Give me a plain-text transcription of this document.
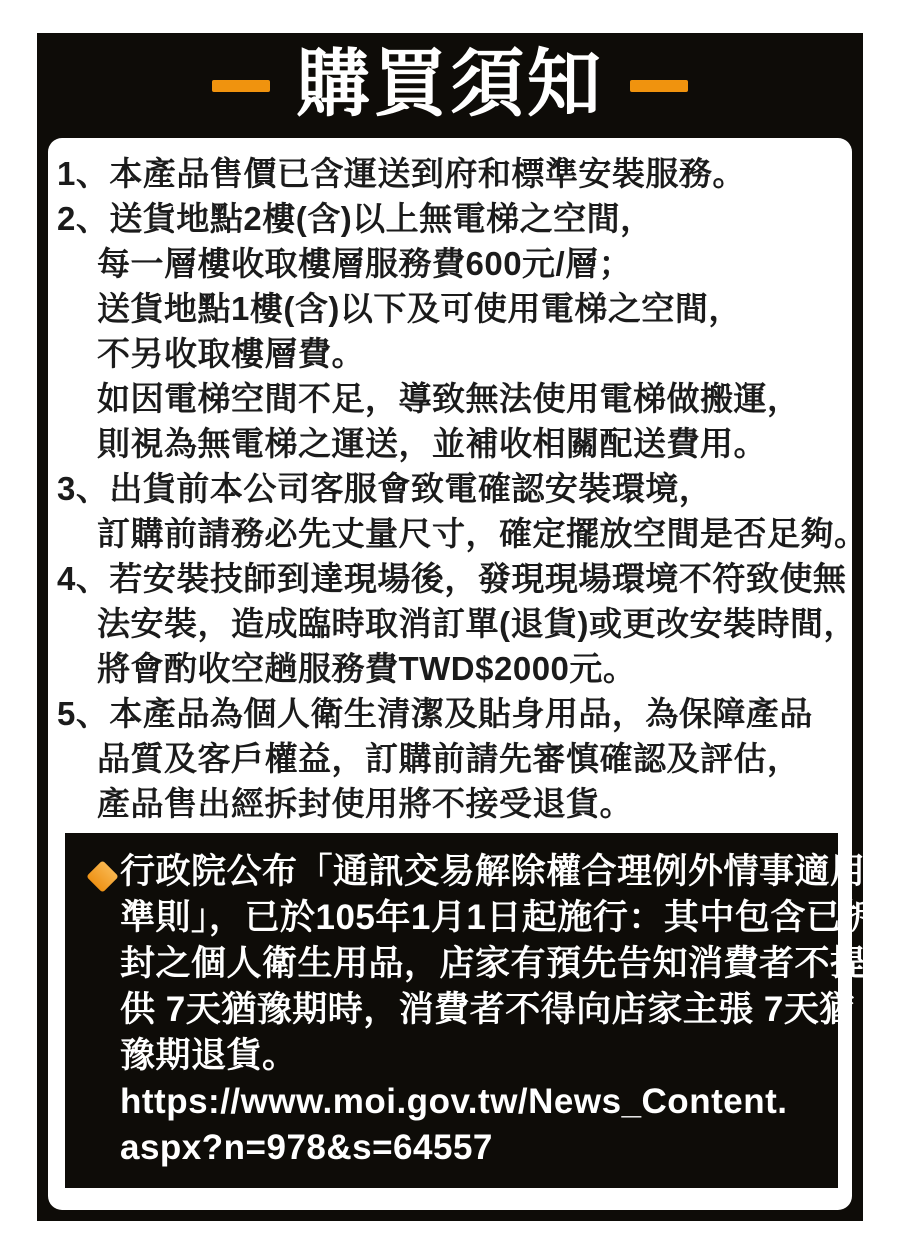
購買須知
1、本產品售價已含運送到府和標準安裝服務。
2、送貨地點2樓(含)以上無電梯之空間，
每一層樓收取樓層服務費600元/層；
送貨地點1樓(含)以下及可使用電梯之空間，
不另收取樓層費。
如因電梯空間不足，導致無法使用電梯做搬運，
則視為無電梯之運送，並補收相關配送費用。
3、出貨前本公司客服會致電確認安裝環境，
訂購前請務必先丈量尺寸，確定擺放空間是否足夠。
4、若安裝技師到達現場後，發現現場環境不符致使無
法安裝，造成臨時取消訂單(退貨)或更改安裝時間，
將會酌收空趟服務費TWD$2000元。
5、本產品為個人衛生清潔及貼身用品，為保障產品
品質及客戶權益，訂購前請先審慎確認及評估，
產品售出經拆封使用將不接受退貨。
行政院公布「通訊交易解除權合理例外情事適用
準則」，已於105年1月1日起施行：其中包含已拆
封之個人衛生用品，店家有預先告知消費者不提
供 7天猶豫期時，消費者不得向店家主張 7天猶
豫期退貨。
https://www.moi.gov.tw/News_Content.
aspx?n=978&s=64557
